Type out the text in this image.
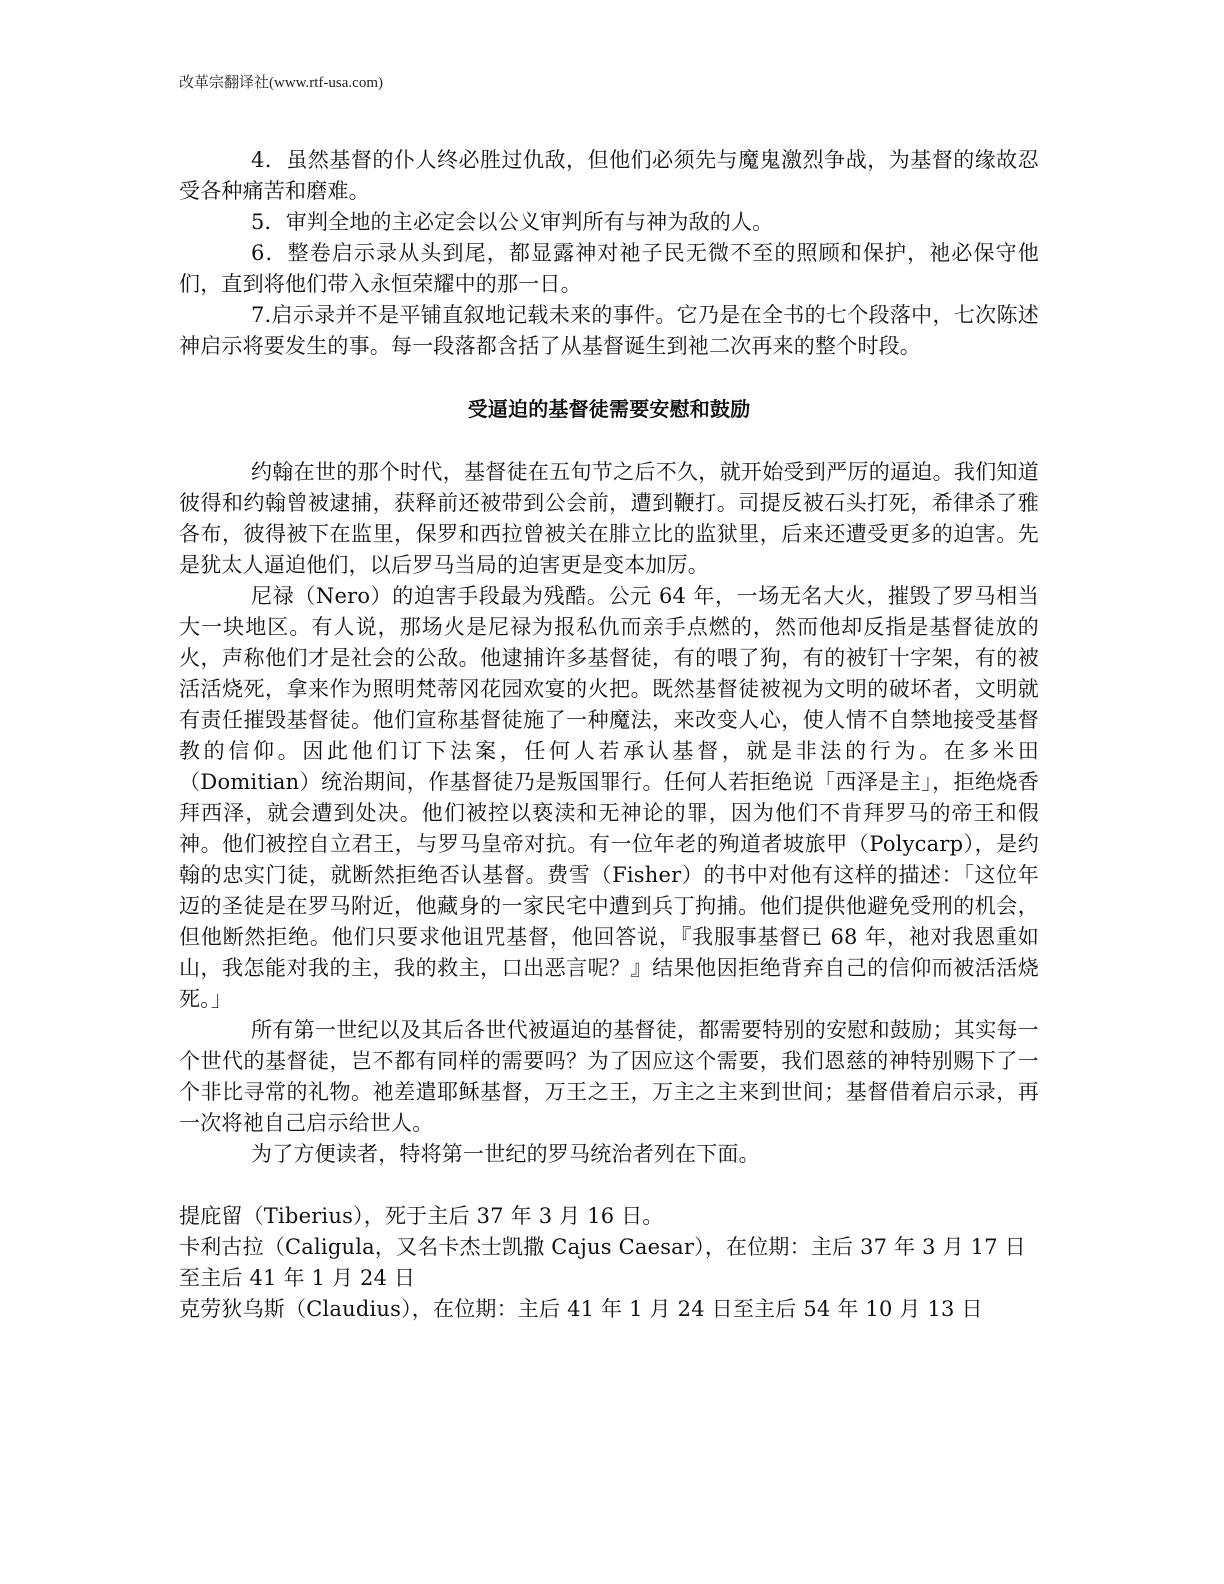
改革宗翻译社(www.rtf-usa.com)

4．虽然基督的仆人终必胜过仇敌，但他们必须先与魔鬼激烈争战，为基督的缘故忍受各种痛苦和磨难。

5．审判全地的主必定会以公义审判所有与神为敌的人。

6．整卷启示录从头到尾，都显露神对祂子民无微不至的照顾和保护，祂必保守他们，直到将他们带入永恒荣耀中的那一日。

7.启示录并不是平铺直叙地记载未来的事件。它乃是在全书的七个段落中，七次陈述神启示将要发生的事。每一段落都含括了从基督诞生到祂二次再来的整个时段。

受逼迫的基督徒需要安慰和鼓励

约翰在世的那个时代，基督徒在五旬节之后不久，就开始受到严厉的逼迫。我们知道彼得和约翰曾被逮捕，获释前还被带到公会前，遭到鞭打。司提反被石头打死，希律杀了雅各布，彼得被下在监里，保罗和西拉曾被关在腓立比的监狱里，后来还遭受更多的迫害。先是犹太人逼迫他们，以后罗马当局的迫害更是变本加厉。

尼禄（Nero）的迫害手段最为残酷。公元 64 年，一场无名大火，摧毁了罗马相当大一块地区。有人说，那场火是尼禄为报私仇而亲手点燃的，然而他却反指是基督徒放的火，声称他们才是社会的公敌。他逮捕许多基督徒，有的喂了狗，有的被钉十字架，有的被活活烧死，拿来作为照明梵蒂冈花园欢宴的火把。既然基督徒被视为文明的破坏者，文明就有责任摧毁基督徒。他们宣称基督徒施了一种魔法，来改变人心，使人情不自禁地接受基督教的信仰。因此他们订下法案，任何人若承认基督，就是非法的行为。在多米田（Domitian）统治期间，作基督徒乃是叛国罪行。任何人若拒绝说「西泽是主」，拒绝烧香拜西泽，就会遭到处决。他们被控以亵渎和无神论的罪，因为他们不肯拜罗马的帝王和假神。他们被控自立君王，与罗马皇帝对抗。有一位年老的殉道者坡旅甲（Polycarp），是约翰的忠实门徒，就断然拒绝否认基督。费雪（Fisher）的书中对他有这样的描述：「这位年迈的圣徒是在罗马附近，他藏身的一家民宅中遭到兵丁拘捕。他们提供他避免受刑的机会，但他断然拒绝。他们只要求他诅咒基督，他回答说，『我服事基督已 68 年，祂对我恩重如山，我怎能对我的主，我的救主，口出恶言呢？』结果他因拒绝背弃自己的信仰而被活活烧死。」

所有第一世纪以及其后各世代被逼迫的基督徒，都需要特别的安慰和鼓励；其实每一个世代的基督徒，岂不都有同样的需要吗？为了因应这个需要，我们恩慈的神特别赐下了一个非比寻常的礼物。祂差遣耶稣基督，万王之王，万主之主来到世间；基督借着启示录，再一次将祂自己启示给世人。

为了方便读者，特将第一世纪的罗马统治者列在下面。

提庇留（Tiberius），死于主后 37 年 3 月 16 日。

卡利古拉（Caligula，又名卡杰士凯撒 Cajus Caesar），在位期：主后 37 年 3 月 17 日至主后 41 年 1 月 24 日

克劳狄乌斯（Claudius），在位期：主后 41 年 1 月 24 日至主后 54 年 10 月 13 日
